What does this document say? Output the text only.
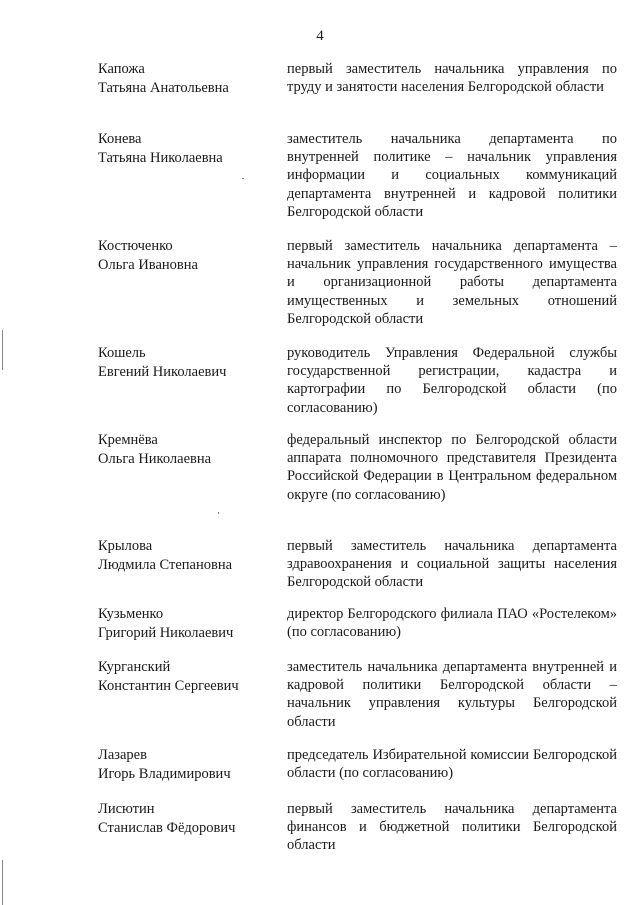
4
Капожа
Татьяна Анатольевна
первый заместитель начальника управления по труду и занятости населения Белгородской области
Конева
Татьяна Николаевна
заместитель начальника департамента по внутренней политике – начальник управления информации и социальных коммуникаций департамента внутренней и кадровой политики Белгородской области
Костюченко
Ольга Ивановна
первый заместитель начальника департамента – начальник управления государственного имущества и организационной работы департамента имущественных и земельных отношений Белгородской области
Кошель
Евгений Николаевич
руководитель Управления Федеральной службы государственной регистрации, кадастра и картографии по Белгородской области (по согласованию)
Кремнёва
Ольга Николаевна
федеральный инспектор по Белгородской области аппарата полномочного представителя Президента Российской Федерации в Центральном федеральном округе (по согласованию)
Крылова
Людмила Степановна
первый заместитель начальника департамента здравоохранения и социальной защиты населения Белгородской области
Кузьменко
Григорий Николаевич
директор Белгородского филиала ПАО «Ростелеком» (по согласованию)
Курганский
Константин Сергеевич
заместитель начальника департамента внутренней и кадровой политики Белгородской области – начальник управления культуры Белгородской области
Лазарев
Игорь Владимирович
председатель Избирательной комиссии Белгородской области (по согласованию)
Лисютин
Станислав Фёдорович
первый заместитель начальника департамента финансов и бюджетной политики Белгородской области
